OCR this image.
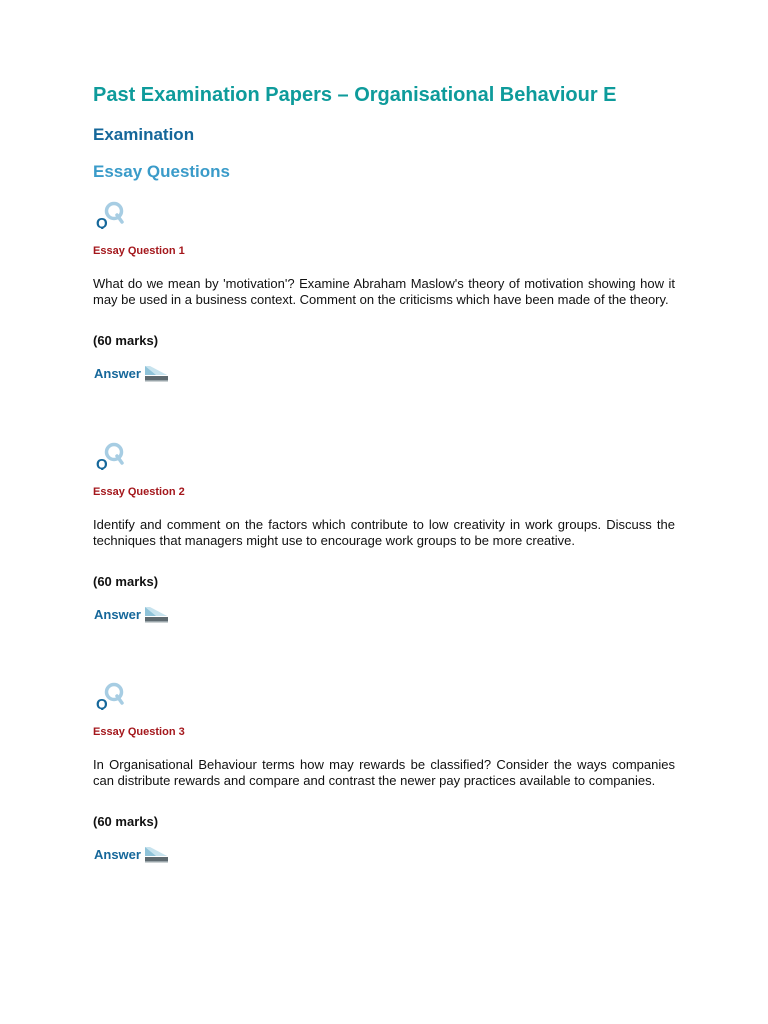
Past Examination Papers – Organisational Behaviour E
Examination
Essay Questions
Essay Question 1

What do we mean by 'motivation'? Examine Abraham Maslow's theory of motivation showing how it may be used in a business context. Comment on the criticisms which have been made of the theory.

(60 marks)
Answer
Essay Question 2

Identify and comment on the factors which contribute to low creativity in work groups. Discuss the techniques that managers might use to encourage work groups to be more creative.

(60 marks)
Answer
Essay Question 3

In Organisational Behaviour terms how may rewards be classified? Consider the ways companies can distribute rewards and compare and contrast the newer pay practices available to companies.

(60 marks)
Answer
